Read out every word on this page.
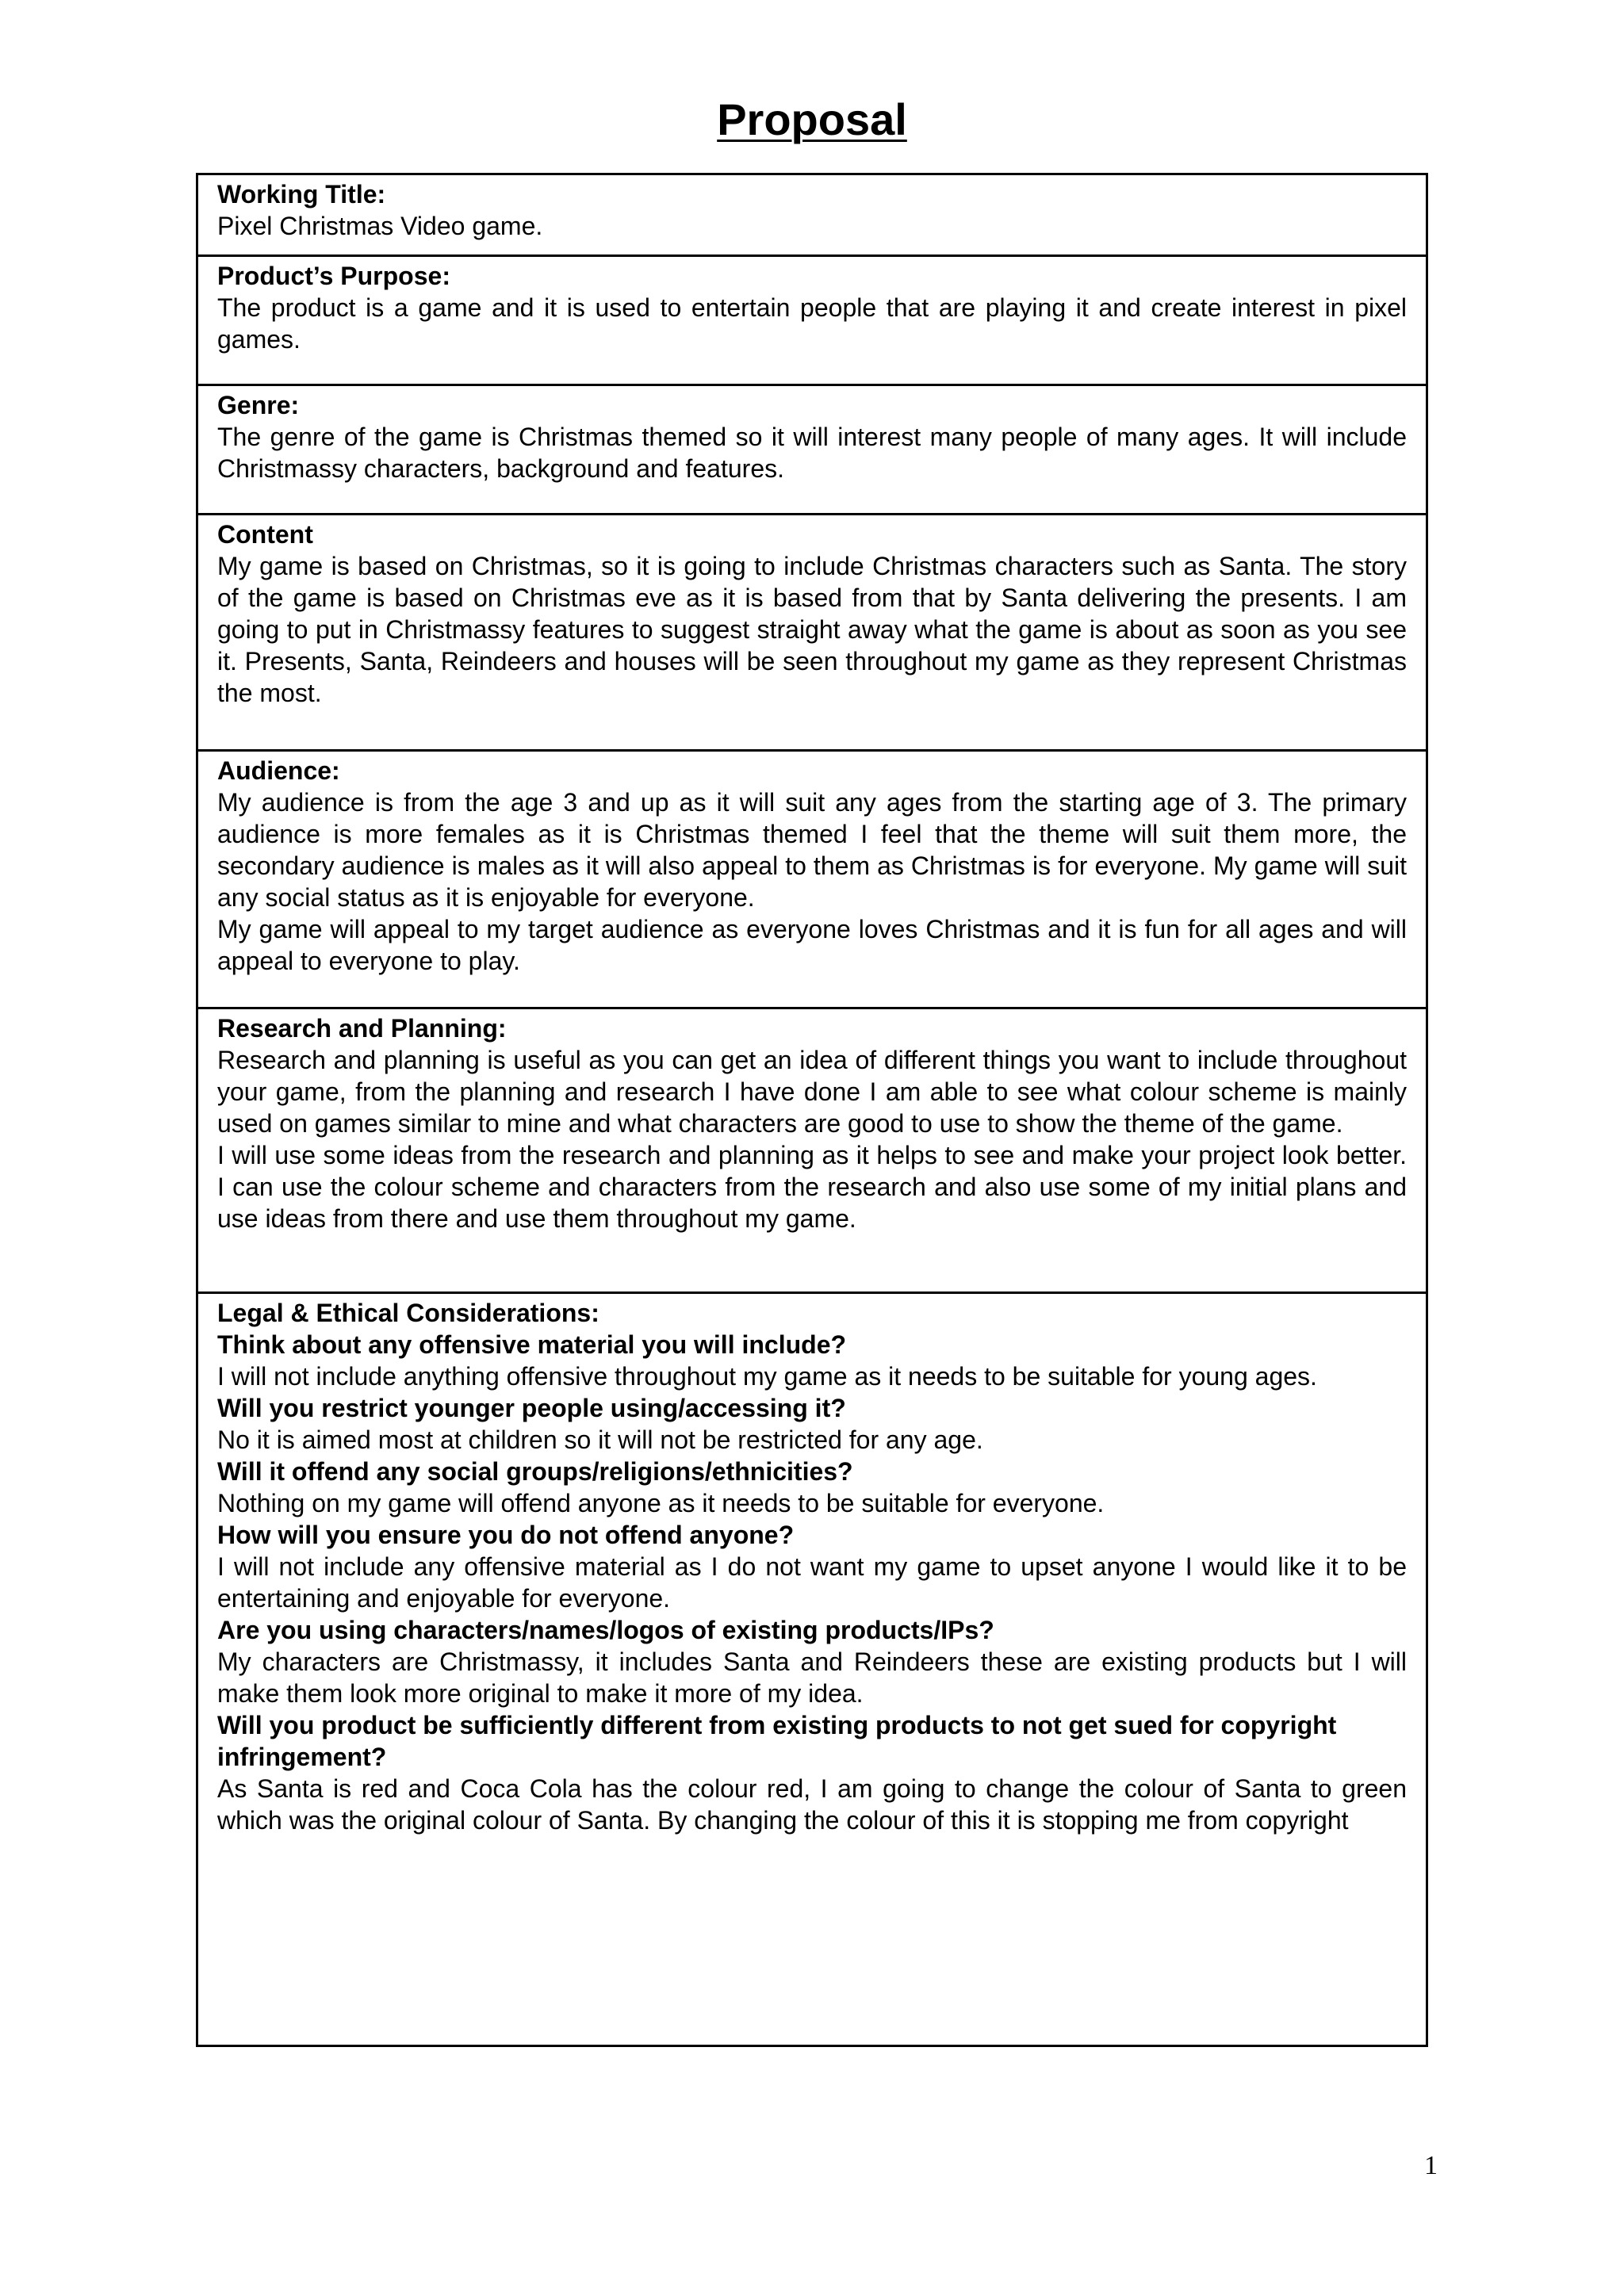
Proposal
Working Title:
Pixel Christmas Video game.
Product’s Purpose:
The product is a game and it is used to entertain people that are playing it and create interest in pixel games.
Genre:
The genre of the game is Christmas themed so it will interest many people of many ages. It will include Christmassy characters, background and features.
Content
My game is based on Christmas, so it is going to include Christmas characters such as Santa. The story of the game is based on Christmas eve as it is based from that by Santa delivering the presents. I am going to put in Christmassy features to suggest straight away what the game is about as soon as you see it. Presents, Santa, Reindeers and houses will be seen throughout my game as they represent Christmas the most.
Audience:
My audience is from the age 3 and up as it will suit any ages from the starting age of 3. The primary audience is more females as it is Christmas themed I feel that the theme will suit them more, the secondary audience is males as it will also appeal to them as Christmas is for everyone. My game will suit any social status as it is enjoyable for everyone.
My game will appeal to my target audience as everyone loves Christmas and it is fun for all ages and will appeal to everyone to play.
Research and Planning:
Research and planning is useful as you can get an idea of different things you want to include throughout your game, from the planning and research I have done I am able to see what colour scheme is mainly used on games similar to mine and what characters are good to use to show the theme of the game.
I will use some ideas from the research and planning as it helps to see and make your project look better. I can use the colour scheme and characters from the research and also use some of my initial plans and use ideas from there and use them throughout my game.
Legal & Ethical Considerations:
Think about any offensive material you will include?
I will not include anything offensive throughout my game as it needs to be suitable for young ages.
Will you restrict younger people using/accessing it?
No it is aimed most at children so it will not be restricted for any age.
Will it offend any social groups/religions/ethnicities?
Nothing on my game will offend anyone as it needs to be suitable for everyone.
How will you ensure you do not offend anyone?
I will not include any offensive material as I do not want my game to upset anyone I would like it to be entertaining and enjoyable for everyone.
Are you using characters/names/logos of existing products/IPs?
My characters are Christmassy, it includes Santa and Reindeers these are existing products but I will make them look more original to make it more of my idea.
Will you product be sufficiently different from existing products to not get sued for copyright infringement?
As Santa is red and Coca Cola has the colour red, I am going to change the colour of Santa to green which was the original colour of Santa. By changing the colour of this it is stopping me from copyright
1
